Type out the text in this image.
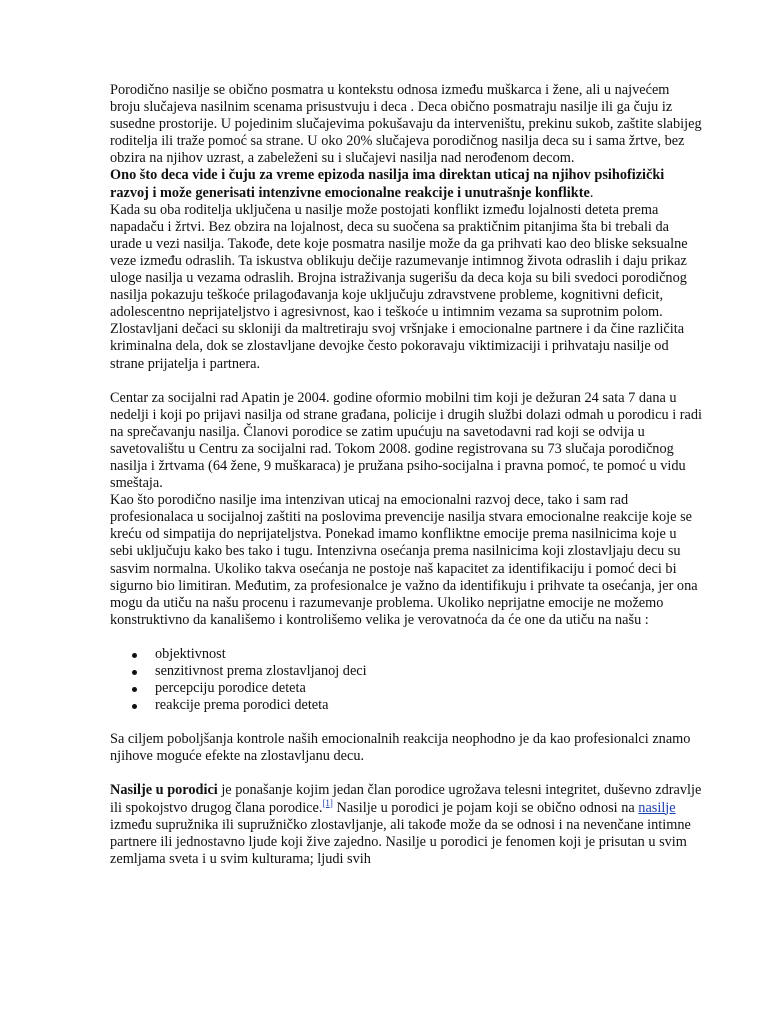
Porodično nasilje se obično posmatra u kontekstu odnosa između muškarca i žene, ali u najvećem broju slučajeva nasilnim scenama prisustvuju i deca . Deca obično posmatraju nasilje ili ga čuju iz susedne prostorije. U pojedinim slučajevima pokušavaju da interveništu, prekinu sukob, zaštite slabijeg roditelja ili traže pomoć sa strane. U oko 20% slučajeva porodičnog nasilja deca su i sama žrtve, bez obzira na njihov uzrast, a zabeleženi su i slučajevi nasilja nad nerođenom decom.

Ono što deca vide i čuju za vreme epizoda nasilja ima direktan uticaj na njihov psihofizički razvoj i može generisati intenzivne emocionalne reakcije i unutrašnje konflikte.

Kada su oba roditelja uključena u nasilje može postojati konflikt između lojalnosti deteta prema napadaču i žrtvi. Bez obzira na lojalnost, deca su suočena sa praktičnim pitanjima šta bi trebali da urade u vezi nasilja. Takođe, dete koje posmatra nasilje može da ga prihvati kao deo bliske seksualne veze između odraslih. Ta iskustva oblikuju dečije razumevanje intimnog života odraslih i daju prikaz uloge nasilja u vezama odraslih. Brojna istraživanja sugerišu da deca koja su bili svedoci porodičnog nasilja pokazuju teškoće prilagođavanja koje uključuju zdravstvene probleme, kognitivni deficit, adolescentno neprijateljstvo i agresivnost, kao i teškoće u intimnim vezama sa suprotnim polom. Zlostavljani dečaci su skloniji da maltretiraju svoj vršnjake i emocionalne partnere i da čine različita kriminalna dela, dok se zlostavljane devojke često pokoravaju viktimizaciji i prihvataju nasilje od strane prijatelja i partnera.

Centar za socijalni rad Apatin je 2004. godine oformio mobilni tim koji je dežuran 24 sata 7 dana u nedelji i koji po prijavi nasilja od strane građana, policije i drugih službi dolazi odmah u porodicu i radi na sprečavanju nasilja. Članovi porodice se zatim upućuju na savetodavni rad koji se odvija u savetovalištu u Centru za socijalni rad. Tokom 2008. godine registrovana su 73 slučaja porodičnog nasilja i žrtvama (64 žene, 9 muškaraca) je pružana psiho-socijalna i pravna pomoć, te pomoć u vidu smeštaja.

Kao što porodično nasilje ima intenzivan uticaj na emocionalni razvoj dece, tako i sam rad profesionalaca u socijalnoj zaštiti na poslovima prevencije nasilja stvara emocionalne reakcije koje se kreću od simpatija do neprijateljstva. Ponekad imamo konfliktne emocije prema nasilnicima koje u sebi uključuju kako bes tako i tugu. Intenzivna osećanja prema nasilnicima koji zlostavljaju decu su sasvim normalna. Ukoliko takva osećanja ne postoje naš kapacitet za identifikaciju i pomoć deci bi sigurno bio limitiran. Međutim, za profesionalce je važno da identifikuju i prihvate ta osećanja, jer ona mogu da utiču na našu procenu i razumevanje problema. Ukoliko neprijatne emocije ne možemo konstruktivno da kanališemo i kontrolišemo velika je verovatnoća da će one da utiču na našu :

objektivnost
senzitivnost prema zlostavljanoj deci
percepciju porodice deteta
reakcije prema porodici deteta

Sa ciljem poboljšanja kontrole naših emocionalnih reakcija neophodno je da kao profesionalci znamo njihove moguće efekte na zlostavljanu decu.

Nasilje u porodici je ponašanje kojim jedan član porodice ugrožava telesni integritet, duševno zdravlje ili spokojstvo drugog člana porodice.[1] Nasilje u porodici je pojam koji se obično odnosi na nasilje između supružnika ili supružničko zlostavljanje, ali takođe može da se odnosi i na nevenčane intimne partnere ili jednostavno ljude koji žive zajedno. Nasilje u porodici je fenomen koji je prisutan u svim zemljama sveta i u svim kulturama; ljudi svih
